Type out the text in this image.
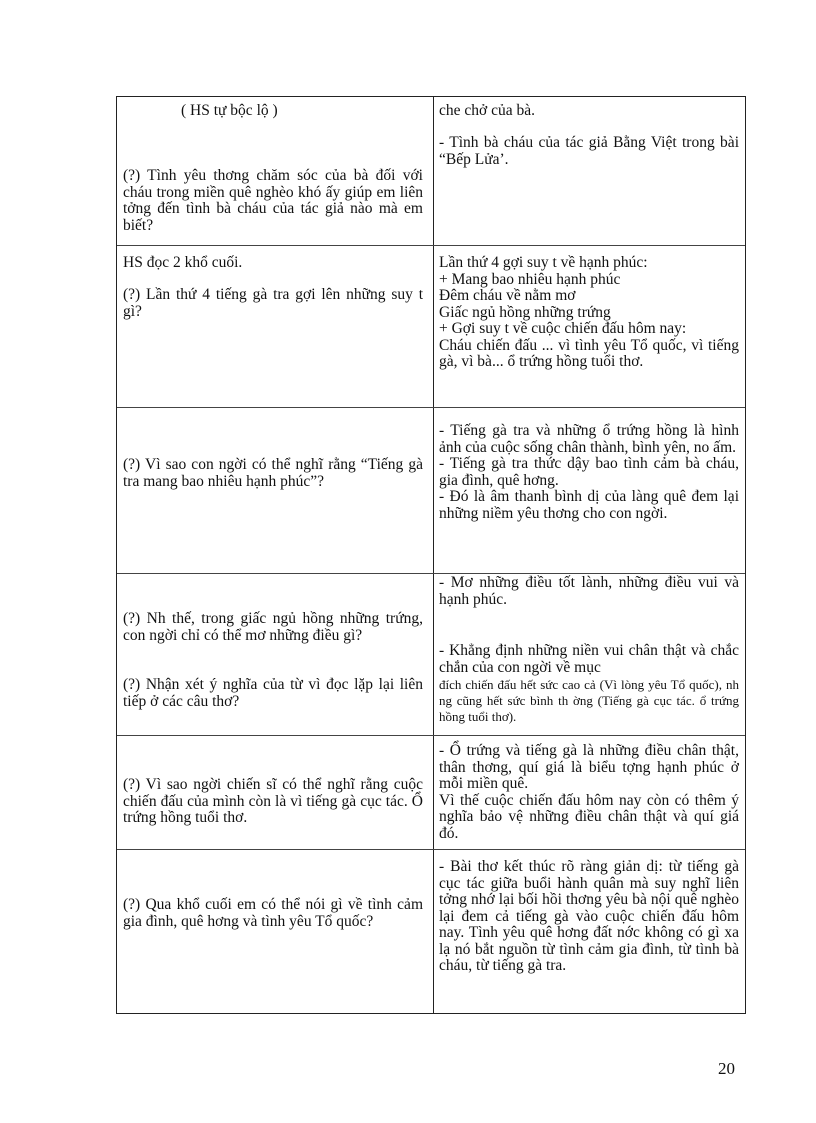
( HS tự bộc lộ )

(?) Tình yêu thơng chăm sóc của bà đối với cháu trong miền quê nghèo khó ấy giúp em liên tởng đến tình bà cháu của tác giả nào mà em biết?

che chở của bà.

- Tình bà cháu của tác giả Bằng Việt trong bài “Bếp Lửa’.

HS đọc 2 khổ cuối.

(?) Lần thứ 4 tiếng gà tra gợi lên những suy t gì?

Lần thứ 4 gợi suy t về hạnh phúc:

+ Mang bao nhiêu hạnh phúc

Đêm cháu về nằm mơ

Giấc ngủ hồng những trứng

+ Gợi suy t về cuộc chiến đấu hôm nay:

Cháu chiến đấu ... vì tình yêu Tổ quốc, vì tiếng gà, vì bà... ổ trứng hồng tuổi thơ.

(?) Vì sao con ngời có thể nghĩ rằng “Tiếng gà tra mang bao nhiêu hạnh phúc”?

- Tiếng gà tra và những ổ trứng hồng là hình ảnh của cuộc sống chân thành, bình yên, no ấm.

- Tiếng gà tra thức dậy bao tình cảm bà cháu, gia đình, quê hơng.

- Đó là âm thanh bình dị của làng quê đem lại những niềm yêu thơng cho con ngời.

(?) Nh thế, trong giấc ngủ hồng những trứng, con ngời chỉ có thể mơ những điều gì?

(?) Nhận xét ý nghĩa của từ vì đọc lặp lại liên tiếp ở các câu thơ?

- Mơ những điều tốt lành, những điều vui và hạnh phúc.

- Khẳng định những niền vui chân thật và chắc chắn của con ngời về mục

đích chiến đấu hết sức cao cả (Vì lòng yêu Tổ quốc), nh ng cũng hết sức bình th ờng (Tiếng gà cục tác. ổ trứng hồng tuổi thơ).

(?) Vì sao ngời chiến sĩ có thể nghĩ rằng cuộc chiến đấu của mình còn là vì tiếng gà cục tác. Ổ trứng hồng tuổi thơ.

- Ổ trứng và tiếng gà là những điều chân thật, thân thơng, quí giá là biểu tợng hạnh phúc ở mỗi miền quê.

Vì thế cuộc chiến đấu hôm nay còn có thêm ý nghĩa bảo vệ những điều chân thật và quí giá đó.

(?) Qua khổ cuối em có thể nói gì về tình cảm gia đình, quê hơng và tình yêu Tổ quốc?

- Bài thơ kết thúc rõ ràng giản dị: từ tiếng gà cục tác giữa buổi hành quân mà suy nghĩ liên tởng nhớ lại bối hồi thơng yêu bà nội quê nghèo lại đem cả tiếng gà vào cuộc chiến đấu hôm nay. Tình yêu quê hơng đất nớc không có gì xa lạ nó bắt nguồn từ tình cảm gia đình, từ tình bà cháu, từ tiếng gà tra.

20
